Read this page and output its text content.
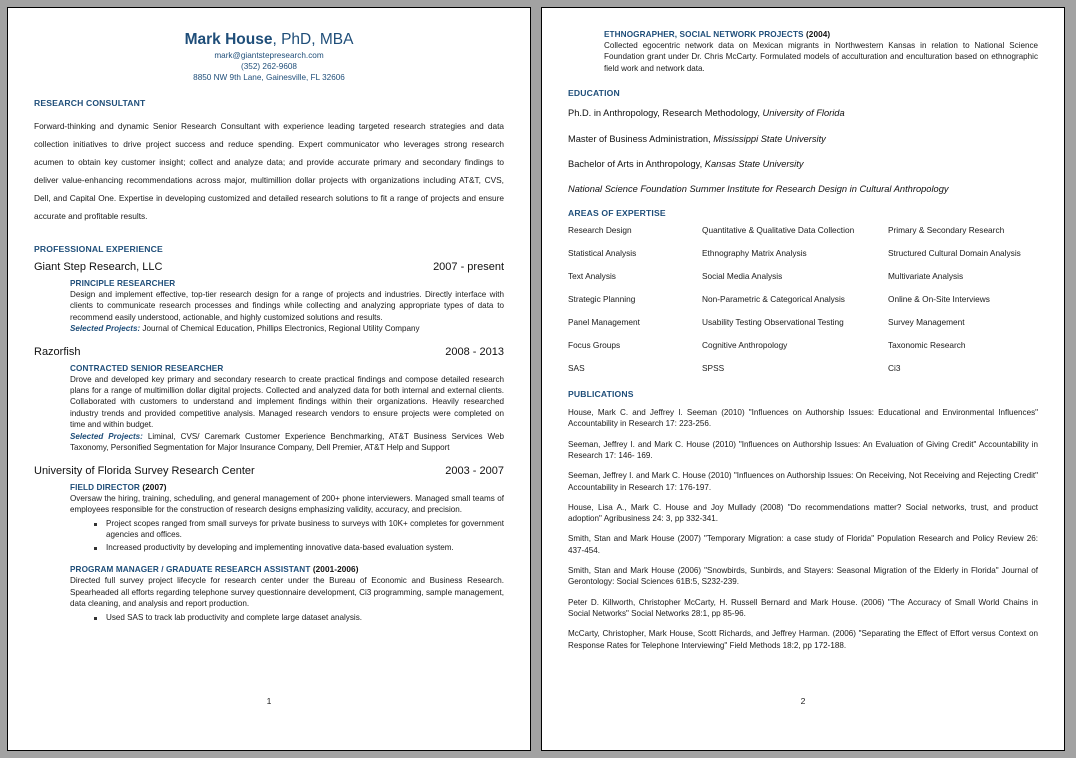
Mark House, PhD, MBA
mark@giantstepresearch.com
(352) 262-9608
8850 NW 9th Lane, Gainesville, FL 32606
RESEARCH CONSULTANT

Forward-thinking and dynamic Senior Research Consultant with experience leading targeted research strategies and data collection initiatives to drive project success and reduce spending. Expert communicator who leverages strong research acumen to obtain key customer insight; collect and analyze data; and provide accurate primary and secondary findings to deliver value-enhancing recommendations across major, multimillion dollar projects with organizations including AT&T, CVS, Dell, and Capital One. Expertise in developing customized and detailed research solutions to fit a range of projects and ensure accurate and profitable results.

PROFESSIONAL EXPERIENCE
Giant Step Research, LLC	2007 - present
PRINCIPLE RESEARCHER

Design and implement effective, top-tier research design for a range of projects and industries. Directly interface with clients to communicate research processes and findings while collecting and analyzing appropriate types of data to recommend easily understood, actionable, and highly customized solutions and results.

Selected Projects: Journal of Chemical Education, Phillips Electronics, Regional Utility Company

Razorfish	2008 - 2013
CONTRACTED SENIOR RESEARCHER

Drove and developed key primary and secondary research to create practical findings and compose detailed research plans for a range of multimillion dollar digital projects. Collected and analyzed data for both internal and external clients. Collaborated with customers to understand and implement findings within their organizations. Heavily researched industry trends and provided competitive analysis. Managed research vendors to ensure projects were completed on time and within budget.

Selected Projects: Liminal, CVS/ Caremark Customer Experience Benchmarking, AT&T Business Services Web Taxonomy, Personified Segmentation for Major Insurance Company, Dell Premier, AT&T Help and Support

University of Florida Survey Research Center	2003 - 2007
FIELD DIRECTOR (2007)

Oversaw the hiring, training, scheduling, and general management of 200+ phone interviewers. Managed small teams of employees responsible for the construction of research designs emphasizing validity, accuracy, and precision.

Project scopes ranged from small surveys for private business to surveys with 10K+ completes for government agencies and offices.
Increased productivity by developing and implementing innovative data-based evaluation system.
PROGRAM MANAGER / GRADUATE RESEARCH ASSISTANT (2001-2006)

Directed full survey project lifecycle for research center under the Bureau of Economic and Business Research. Spearheaded all efforts regarding telephone survey questionnaire development, Ci3 programming, sample management, data cleaning, and analysis and report production.

Used SAS to track lab productivity and complete large dataset analysis.
1
ETHNOGRAPHER, SOCIAL NETWORK PROJECTS (2004)

Collected egocentric network data on Mexican migrants in Northwestern Kansas in relation to National Science Foundation grant under Dr. Chris McCarty. Formulated models of acculturation and enculturation based on ethnographic field work and network data.

EDUCATION
Ph.D. in Anthropology, Research Methodology, University of Florida
Master of Business Administration, Mississippi State University
Bachelor of Arts in Anthropology, Kansas State University
National Science Foundation Summer Institute for Research Design in Cultural Anthropology
AREAS OF EXPERTISE
Research Design	Quantitative & Qualitative Data Collection	Primary & Secondary Research
Statistical Analysis	Ethnography Matrix Analysis	Structured Cultural Domain Analysis
Text Analysis	Social Media Analysis	Multivariate Analysis
Strategic Planning	Non-Parametric & Categorical Analysis	Online & On-Site Interviews
Panel Management	Usability Testing Observational Testing	Survey Management
Focus Groups	Cognitive Anthropology	Taxonomic Research
SAS	SPSS	Ci3
PUBLICATIONS

House, Mark C. and Jeffrey I. Seeman (2010) "Influences on Authorship Issues: Educational and Environmental Influences" Accountability in Research 17: 223-256.

Seeman, Jeffrey I. and Mark C. House (2010) "Influences on Authorship Issues: An Evaluation of Giving Credit" Accountability in Research 17: 146- 169.

Seeman, Jeffrey I. and Mark C. House (2010) "Influences on Authorship Issues: On Receiving, Not Receiving and Rejecting Credit" Accountability in Research 17: 176-197.

House, Lisa A., Mark C. House and Joy Mullady (2008) "Do recommendations matter? Social networks, trust, and product adoption" Agribusiness 24: 3, pp 332-341.

Smith, Stan and Mark House (2007) "Temporary Migration: a case study of Florida" Population Research and Policy Review 26: 437-454.

Smith, Stan and Mark House (2006) "Snowbirds, Sunbirds, and Stayers: Seasonal Migration of the Elderly in Florida" Journal of Gerontology: Social Sciences 61B:5, S232-239.

Peter D. Killworth, Christopher McCarty, H. Russell Bernard and Mark House. (2006) "The Accuracy of Small World Chains in Social Networks" Social Networks 28:1, pp 85-96.

McCarty, Christopher, Mark House, Scott Richards, and Jeffrey Harman. (2006) "Separating the Effect of Effort versus Context on Response Rates for Telephone Interviewing" Field Methods 18:2, pp 172-188.

2
